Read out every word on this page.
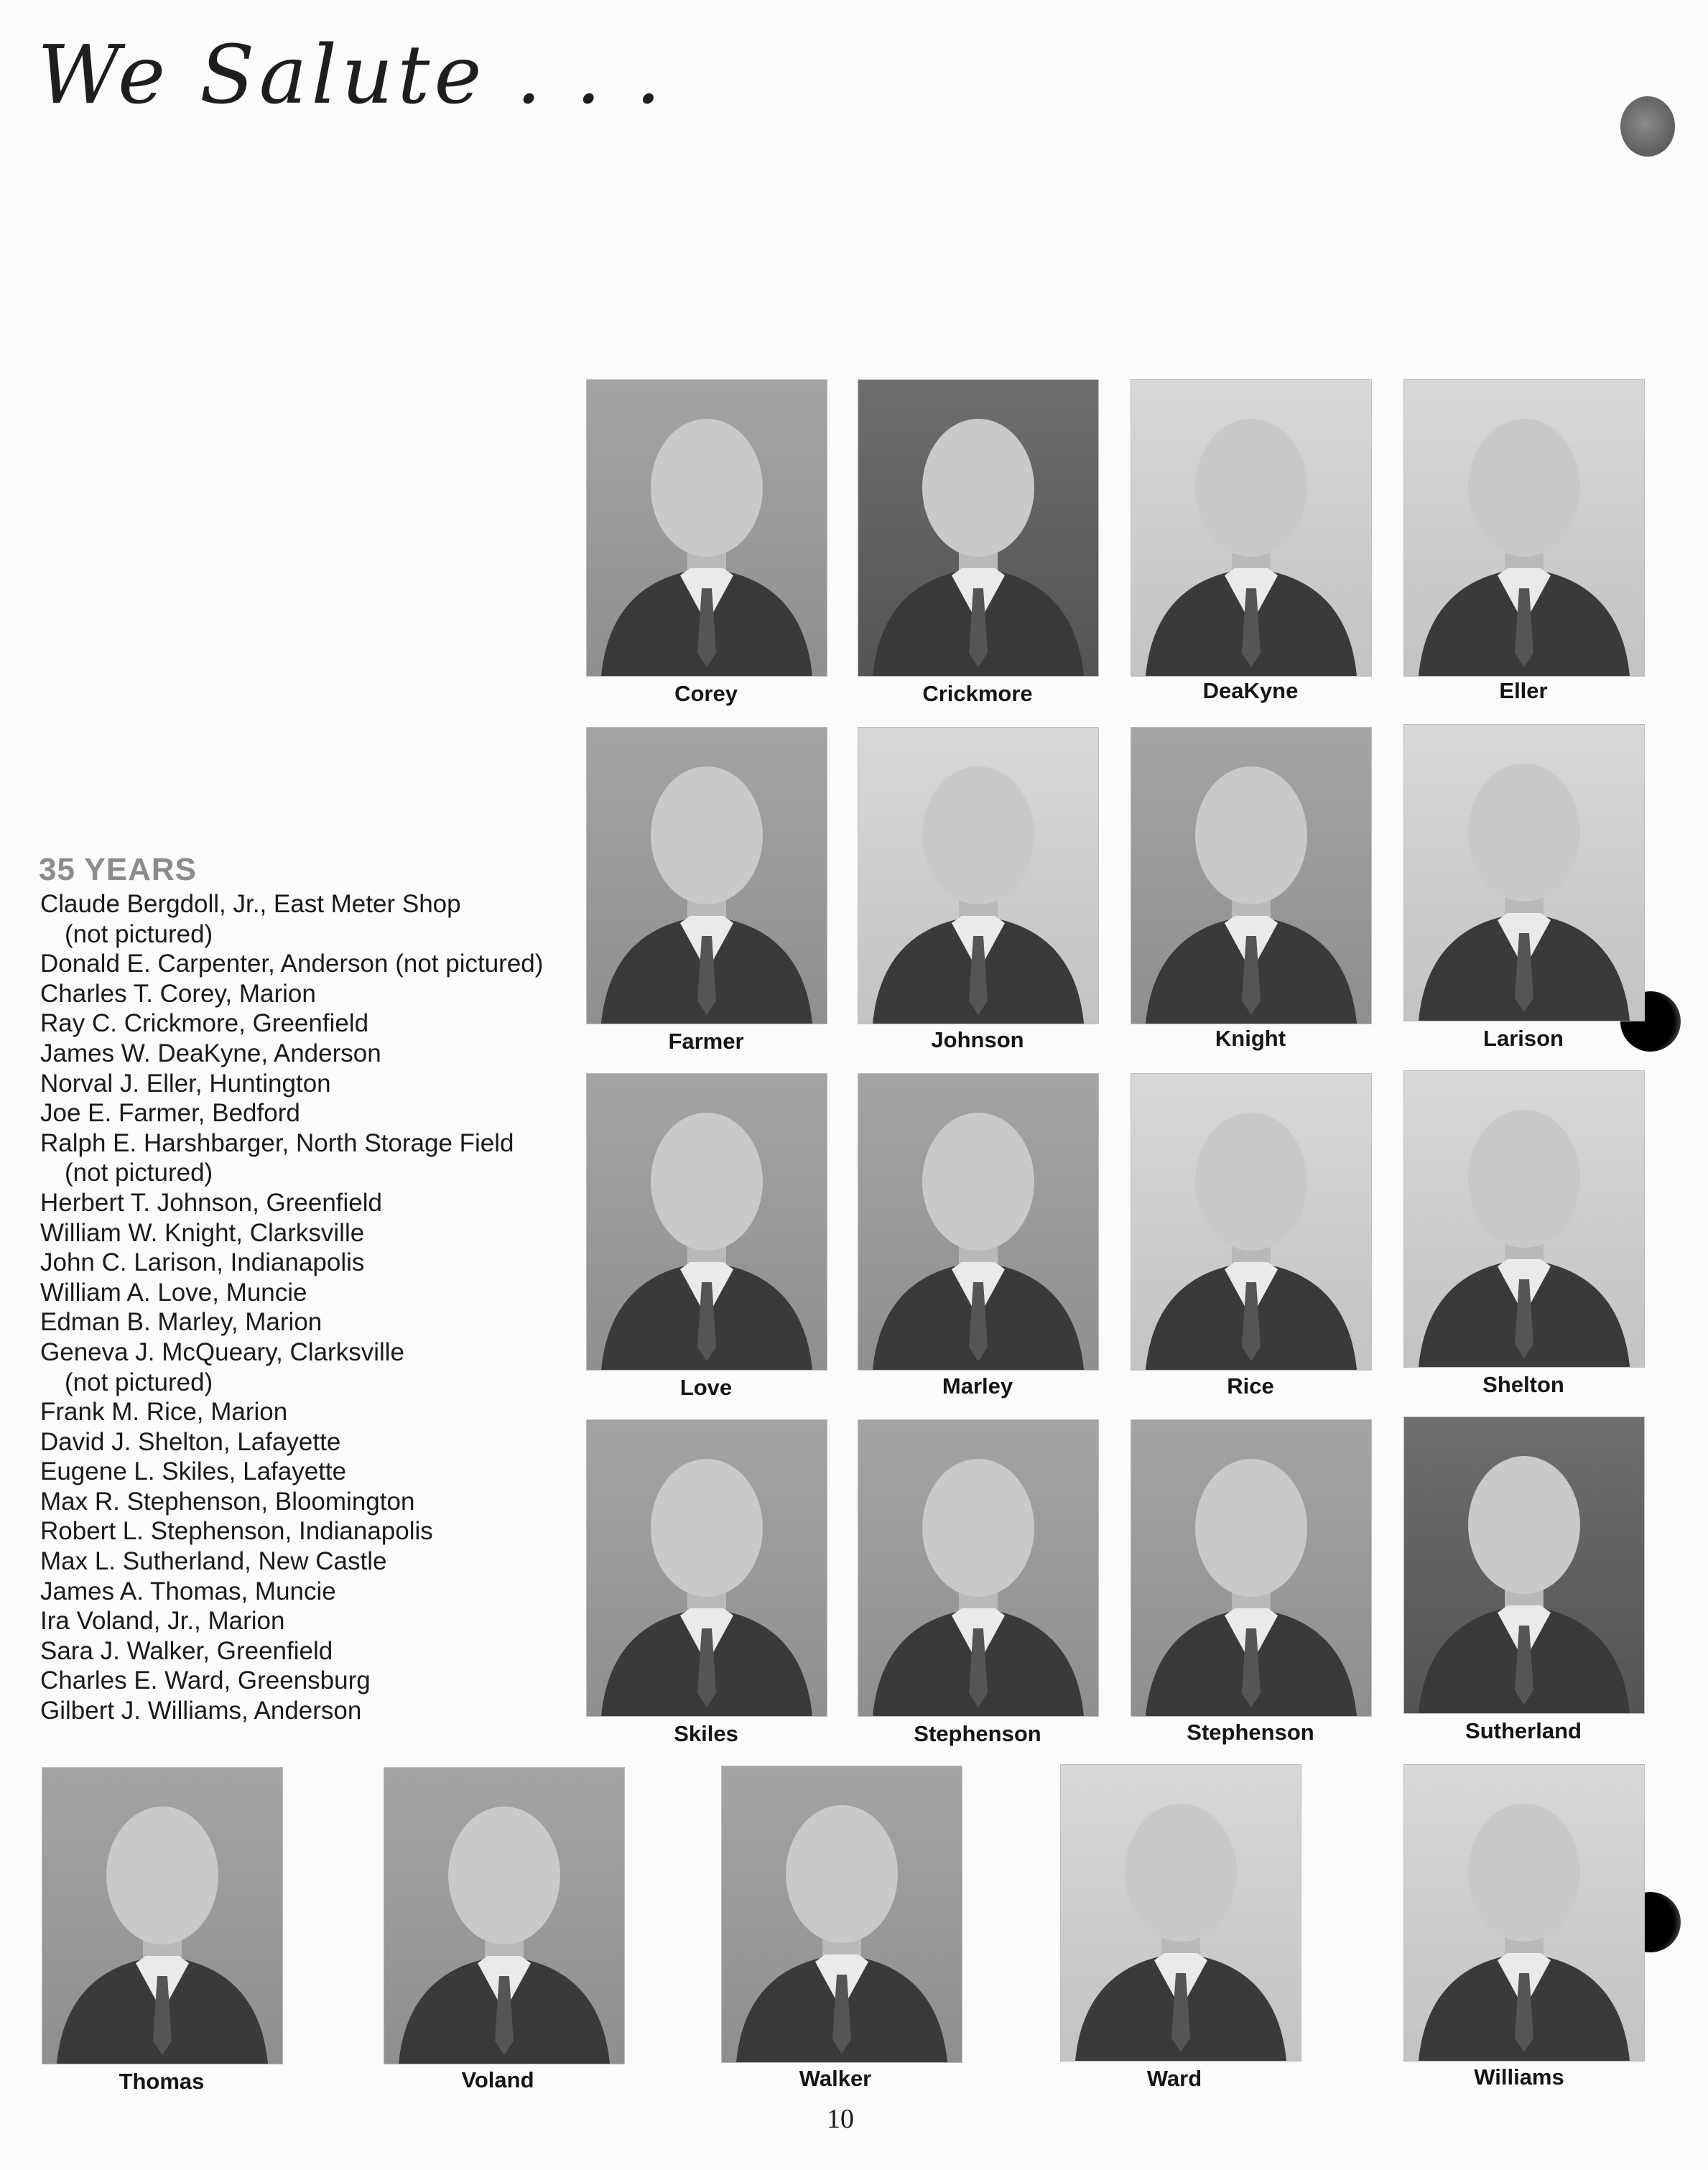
We Salute . . .
35 YEARS
Claude Bergdoll, Jr., East Meter Shop
(not pictured)
Donald E. Carpenter, Anderson (not pictured)
Charles T. Corey, Marion
Ray C. Crickmore, Greenfield
James W. DeaKyne, Anderson
Norval J. Eller, Huntington
Joe E. Farmer, Bedford
Ralph E. Harshbarger, North Storage Field
(not pictured)
Herbert T. Johnson, Greenfield
William W. Knight, Clarksville
John C. Larison, Indianapolis
William A. Love, Muncie
Edman B. Marley, Marion
Geneva J. McQueary, Clarksville
(not pictured)
Frank M. Rice, Marion
David J. Shelton, Lafayette
Eugene L. Skiles, Lafayette
Max R. Stephenson, Bloomington
Robert L. Stephenson, Indianapolis
Max L. Sutherland, New Castle
James A. Thomas, Muncie
Ira Voland, Jr., Marion
Sara J. Walker, Greenfield
Charles E. Ward, Greensburg
Gilbert J. Williams, Anderson
Corey	Crickmore	DeaKyne	Eller
Farmer	Johnson	Knight	Larison
Love	Marley	Rice	Shelton
Skiles	Stephenson	Stephenson	Sutherland
Thomas	Voland	Walker	Ward	Williams
10
